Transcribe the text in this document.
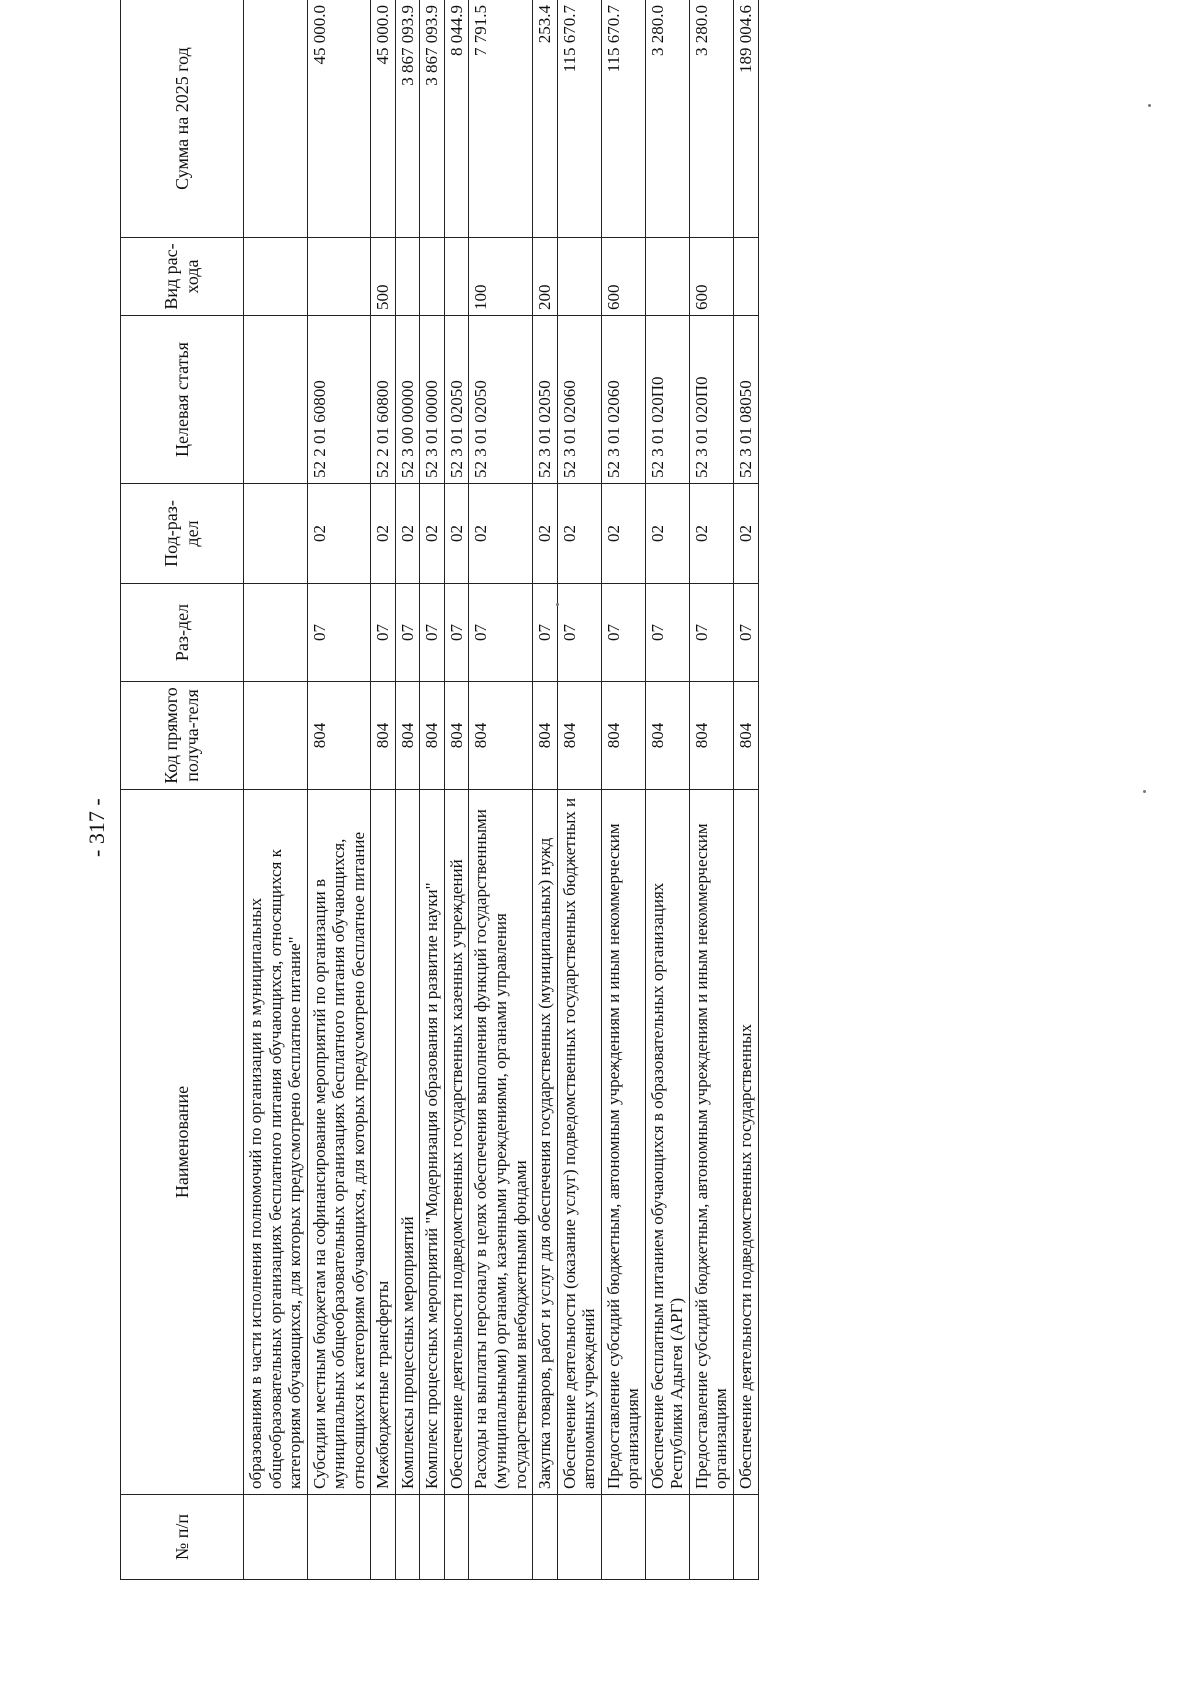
- 317 -
№ п/п	Наименование	Код прямого получа-теля	Раз-дел	Под-раз-дел	Целевая статья	Вид рас-хода	Сумма на 2025 год
	образованиям в части исполнения полномочий по организации в муниципальных общеобразовательных организациях бесплатного питания обучающихся, относящихся к категориям обучающихся, для которых предусмотрено бесплатное питание"						
	Субсидии местным бюджетам на софинансирование мероприятий по организации в муниципальных общеобразовательных организациях бесплатного питания обучающихся, относящихся к категориям обучающихся, для которых предусмотрено бесплатное питание	804	07	02	52 2 01 60800		45 000.0
	Межбюджетные трансферты	804	07	02	52 2 01 60800	500	45 000.0
	Комплексы процессных мероприятий	804	07	02	52 3 00 00000		3 867 093.9
	Комплекс процессных мероприятий "Модернизация образования и развитие науки"	804	07	02	52 3 01 00000		3 867 093.9
	Обеспечение деятельности подведомственных государственных казенных учреждений	804	07	02	52 3 01 02050		8 044.9
	Расходы на выплаты персоналу в целях обеспечения выполнения функций государственными (муниципальными) органами, казенными учреждениями, органами управления государственными внебюджетными фондами	804	07	02	52 3 01 02050	100	7 791.5
	Закупка товаров, работ и услуг для обеспечения государственных (муниципальных) нужд	804	07	02	52 3 01 02050	200	253.4
	Обеспечение деятельности (оказание услуг) подведомственных государственных бюджетных и автономных учреждений	804	07	02	52 3 01 02060		115 670.7
	Предоставление субсидий бюджетным, автономным учреждениям и иным некоммерческим организациям	804	07	02	52 3 01 02060	600	115 670.7
	Обеспечение бесплатным питанием обучающихся в образовательных организациях Республики Адыгея (АРГ)	804	07	02	52 3 01 020П0		3 280.0
	Предоставление субсидий бюджетным, автономным учреждениям и иным некоммерческим организациям	804	07	02	52 3 01 020П0	600	3 280.0
	Обеспечение деятельности подведомственных государственных	804	07	02	52 3 01 08050		189 004.6
